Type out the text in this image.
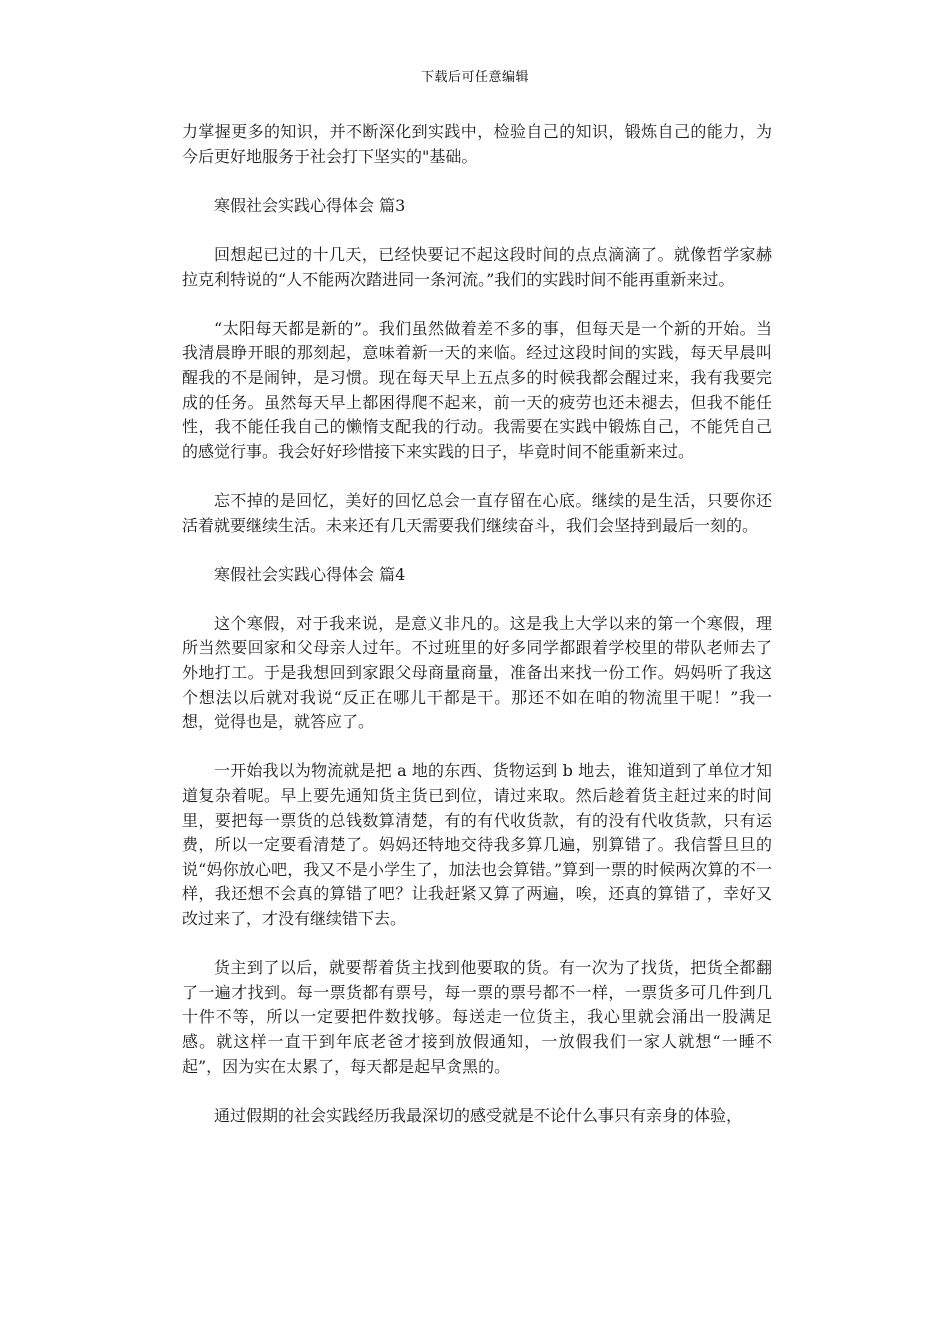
下载后可任意编辑

力掌握更多的知识，并不断深化到实践中，检验自己的知识，锻炼自己的能力，为今后更好地服务于社会打下坚实的"基础。

寒假社会实践心得体会 篇3

回想起已过的十几天，已经快要记不起这段时间的点点滴滴了。就像哲学家赫拉克利特说的“人不能两次踏进同一条河流。”我们的实践时间不能再重新来过。

“太阳每天都是新的”。我们虽然做着差不多的事，但每天是一个新的开始。当我清晨睁开眼的那刻起，意味着新一天的来临。经过这段时间的实践，每天早晨叫醒我的不是闹钟，是习惯。现在每天早上五点多的时候我都会醒过来，我有我要完成的任务。虽然每天早上都困得爬不起来，前一天的疲劳也还未褪去，但我不能任性，我不能任我自己的懒惰支配我的行动。我需要在实践中锻炼自己，不能凭自己的感觉行事。我会好好珍惜接下来实践的日子，毕竟时间不能重新来过。

忘不掉的是回忆，美好的回忆总会一直存留在心底。继续的是生活，只要你还活着就要继续生活。未来还有几天需要我们继续奋斗，我们会坚持到最后一刻的。

寒假社会实践心得体会 篇4

这个寒假，对于我来说，是意义非凡的。这是我上大学以来的第一个寒假，理所当然要回家和父母亲人过年。不过班里的好多同学都跟着学校里的带队老师去了外地打工。于是我想回到家跟父母商量商量，准备出来找一份工作。妈妈听了我这个想法以后就对我说“反正在哪儿干都是干。那还不如在咱的物流里干呢！”我一想，觉得也是，就答应了。

一开始我以为物流就是把 a 地的东西、货物运到 b 地去，谁知道到了单位才知道复杂着呢。早上要先通知货主货已到位，请过来取。然后趁着货主赶过来的时间里，要把每一票货的总钱数算清楚，有的有代收货款，有的没有代收货款，只有运费，所以一定要看清楚了。妈妈还特地交待我多算几遍，别算错了。我信誓旦旦的说“妈你放心吧，我又不是小学生了，加法也会算错。”算到一票的时候两次算的不一样，我还想不会真的算错了吧？让我赶紧又算了两遍，唉，还真的算错了，幸好又改过来了，才没有继续错下去。

货主到了以后，就要帮着货主找到他要取的货。有一次为了找货，把货全都翻了一遍才找到。每一票货都有票号，每一票的票号都不一样，一票货多可几件到几十件不等，所以一定要把件数找够。每送走一位货主，我心里就会涌出一股满足感。就这样一直干到年底老爸才接到放假通知，一放假我们一家人就想“一睡不起”，因为实在太累了，每天都是起早贪黑的。

通过假期的社会实践经历我最深切的感受就是不论什么事只有亲身的体验，
